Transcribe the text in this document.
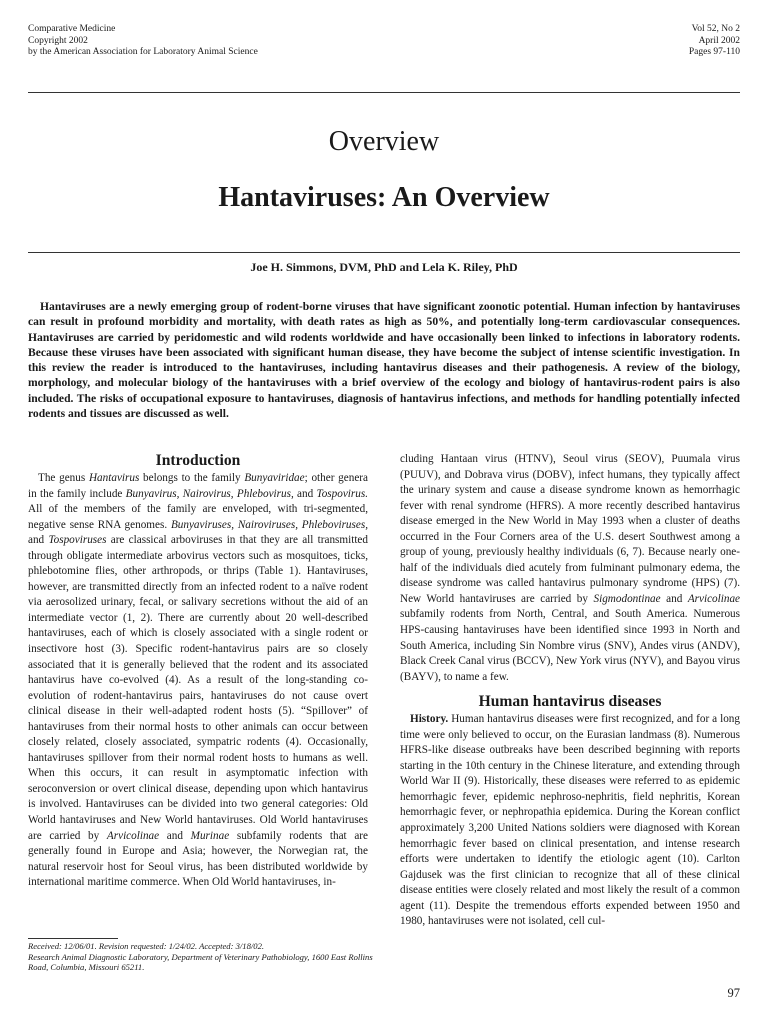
Comparative Medicine
Copyright 2002
by the American Association for Laboratory Animal Science
Vol 52, No 2
April 2002
Pages 97-110
Overview
Hantaviruses: An Overview
Joe H. Simmons, DVM, PhD and Lela K. Riley, PhD
Hantaviruses are a newly emerging group of rodent-borne viruses that have significant zoonotic potential. Human infection by hantaviruses can result in profound morbidity and mortality, with death rates as high as 50%, and potentially long-term cardiovascular consequences. Hantaviruses are carried by peridomestic and wild rodents worldwide and have occasionally been linked to infections in laboratory rodents. Because these viruses have been associated with significant human disease, they have become the subject of intense scientific investigation. In this review the reader is introduced to the hantaviruses, including hantavirus diseases and their pathogenesis. A review of the biology, morphology, and molecular biology of the hantaviruses with a brief overview of the ecology and biology of hantavirus-rodent pairs is also included. The risks of occupational exposure to hantaviruses, diagnosis of hantavirus infections, and methods for handling potentially infected rodents and tissues are discussed as well.
Introduction

The genus Hantavirus belongs to the family Bunyaviridae; other genera in the family include Bunyavirus, Nairovirus, Phlebovirus, and Tospovirus. All of the members of the family are enveloped, with tri-segmented, negative sense RNA genomes. Bunyaviruses, Nairoviruses, Phleboviruses, and Tospoviruses are classical arboviruses in that they are all transmitted through obligate intermediate arbovirus vectors such as mosquitoes, ticks, phlebotomine flies, other arthropods, or thrips (Table 1). Hantaviruses, however, are transmitted directly from an infected rodent to a naïve rodent via aerosolized urinary, fecal, or salivary secretions without the aid of an intermediate vector (1, 2). There are currently about 20 well-described hantaviruses, each of which is closely associated with a single rodent or insectivore host (3). Specific rodent-hantavirus pairs are so closely associated that it is generally believed that the rodent and its associated hantavirus have co-evolved (4). As a result of the long-standing co-evolution of rodent-hantavirus pairs, hantaviruses do not cause overt clinical disease in their well-adapted rodent hosts (5). “Spillover” of hantaviruses from their normal hosts to other animals can occur between closely related, closely associated, sympatric rodents (4). Occasionally, hantaviruses spillover from their normal rodent hosts to humans as well. When this occurs, it can result in asymptomatic infection with seroconversion or overt clinical disease, depending upon which hantavirus is involved. Hantaviruses can be divided into two general categories: Old World hantaviruses and New World hantaviruses. Old World hantaviruses are carried by Arvicolinae and Murinae subfamily rodents that are generally found in Europe and Asia; however, the Norwegian rat, the natural reservoir host for Seoul virus, has been distributed worldwide by international maritime commerce. When Old World hantaviruses, in-

cluding Hantaan virus (HTNV), Seoul virus (SEOV), Puumala virus (PUUV), and Dobrava virus (DOBV), infect humans, they typically affect the urinary system and cause a disease syndrome known as hemorrhagic fever with renal syndrome (HFRS). A more recently described hantavirus disease emerged in the New World in May 1993 when a cluster of deaths occurred in the Four Corners area of the U.S. desert Southwest among a group of young, previously healthy individuals (6, 7). Because nearly one-half of the individuals died acutely from fulminant pulmonary edema, the disease syndrome was called hantavirus pulmonary syndrome (HPS) (7). New World hantaviruses are carried by Sigmodontinae and Arvicolinae subfamily rodents from North, Central, and South America. Numerous HPS-causing hantaviruses have been identified since 1993 in North and South America, including Sin Nombre virus (SNV), Andes virus (ANDV), Black Creek Canal virus (BCCV), New York virus (NYV), and Bayou virus (BAYV), to name a few.

Human hantavirus diseases

History. Human hantavirus diseases were first recognized, and for a long time were only believed to occur, on the Eurasian landmass (8). Numerous HFRS-like disease outbreaks have been described beginning with reports starting in the 10th century in the Chinese literature, and extending through World War II (9). Historically, these diseases were referred to as epidemic hemorrhagic fever, epidemic nephroso-nephritis, field nephritis, Korean hemorrhagic fever, or nephropathia epidemica. During the Korean conflict approximately 3,200 United Nations soldiers were diagnosed with Korean hemorrhagic fever based on clinical presentation, and intense research efforts were undertaken to identify the etiologic agent (10). Carlton Gajdusek was the first clinician to recognize that all of these clinical disease entities were closely related and most likely the result of a common agent (11). Despite the tremendous efforts expended between 1950 and 1980, hantaviruses were not isolated, cell cul-

Received: 12/06/01. Revision requested: 1/24/02. Accepted: 3/18/02.
Research Animal Diagnostic Laboratory, Department of Veterinary Pathobiology, 1600 East Rollins Road, Columbia, Missouri 65211.
97
